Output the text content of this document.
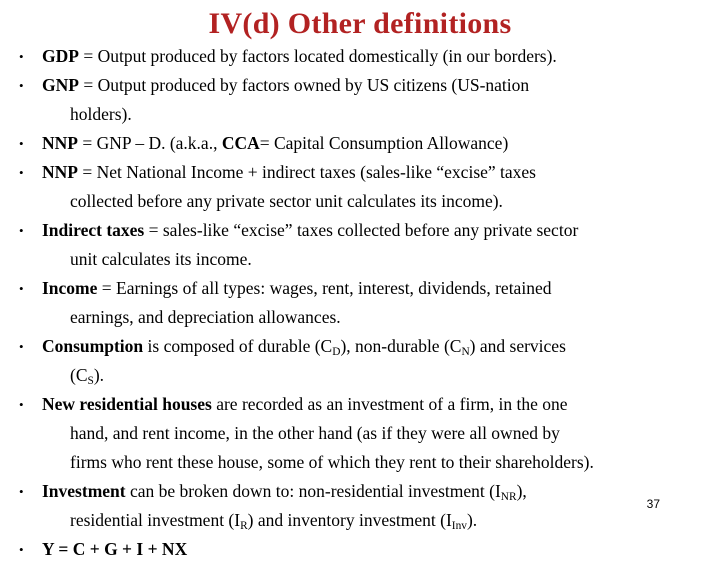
IV(d) Other definitions
• GDP = Output produced by factors located domestically (in our borders).
• GNP = Output produced by factors owned by US citizens (US-nation
holders).
• NNP = GNP – D. (a.k.a., CCA= Capital Consumption Allowance)
• NNP = Net National Income + indirect taxes (sales-like “excise” taxes
collected before any private sector unit calculates its income).
• Indirect taxes = sales-like “excise” taxes collected before any private sector
unit calculates its income.
• Income = Earnings of all types: wages, rent, interest, dividends, retained
earnings, and depreciation allowances.
• Consumption is composed of durable $(C_D)$, non-durable $(C_N)$ and services
$(C_S)$.
• New residential houses are recorded as an investment of a firm, in the one
hand, and rent income, in the other hand (as if they were all owned by
firms who rent these house, some of which they rent to their shareholders).
• Investment can be broken down to: non-residential investment $(I_{NR})$,
residential investment $(I_R)$ and inventory investment $(I_{Inv})$.
• Y = C + G + I + NX
37
